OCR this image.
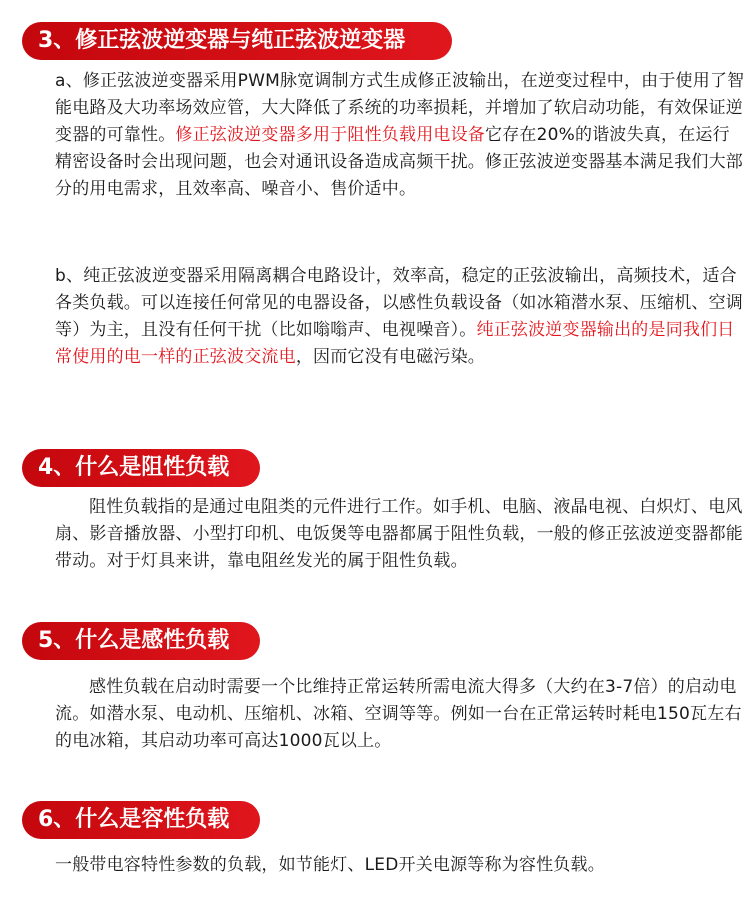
3、修正弦波逆变器与纯正弦波逆变器

a、修正弦波逆变器采用PWM脉宽调制方式生成修正波输出，在逆变过程中，由于使用了智能电路及大功率场效应管，大大降低了系统的功率损耗，并增加了软启动功能，有效保证逆变器的可靠性。修正弦波逆变器多用于阻性负载用电设备它存在20%的谐波失真，在运行精密设备时会出现问题，也会对通讯设备造成高频干扰。修正弦波逆变器基本满足我们大部分的用电需求，且效率高、噪音小、售价适中。

b、纯正弦波逆变器采用隔离耦合电路设计，效率高，稳定的正弦波输出，高频技术，适合各类负载。可以连接任何常见的电器设备，以感性负载设备（如冰箱潜水泵、压缩机、空调等）为主，且没有任何干扰（比如嗡嗡声、电视噪音）。纯正弦波逆变器输出的是同我们日常使用的电一样的正弦波交流电，因而它没有电磁污染。

4、什么是阻性负载

阻性负载指的是通过电阻类的元件进行工作。如手机、电脑、液晶电视、白炽灯、电风扇、影音播放器、小型打印机、电饭煲等电器都属于阻性负载，一般的修正弦波逆变器都能带动。对于灯具来讲，靠电阻丝发光的属于阻性负载。

5、什么是感性负载

感性负载在启动时需要一个比维持正常运转所需电流大得多（大约在3-7倍）的启动电流。如潜水泵、电动机、压缩机、冰箱、空调等等。例如一台在正常运转时耗电150瓦左右的电冰箱，其启动功率可高达1000瓦以上。

6、什么是容性负载

一般带电容特性参数的负载，如节能灯、LED开关电源等称为容性负载。
